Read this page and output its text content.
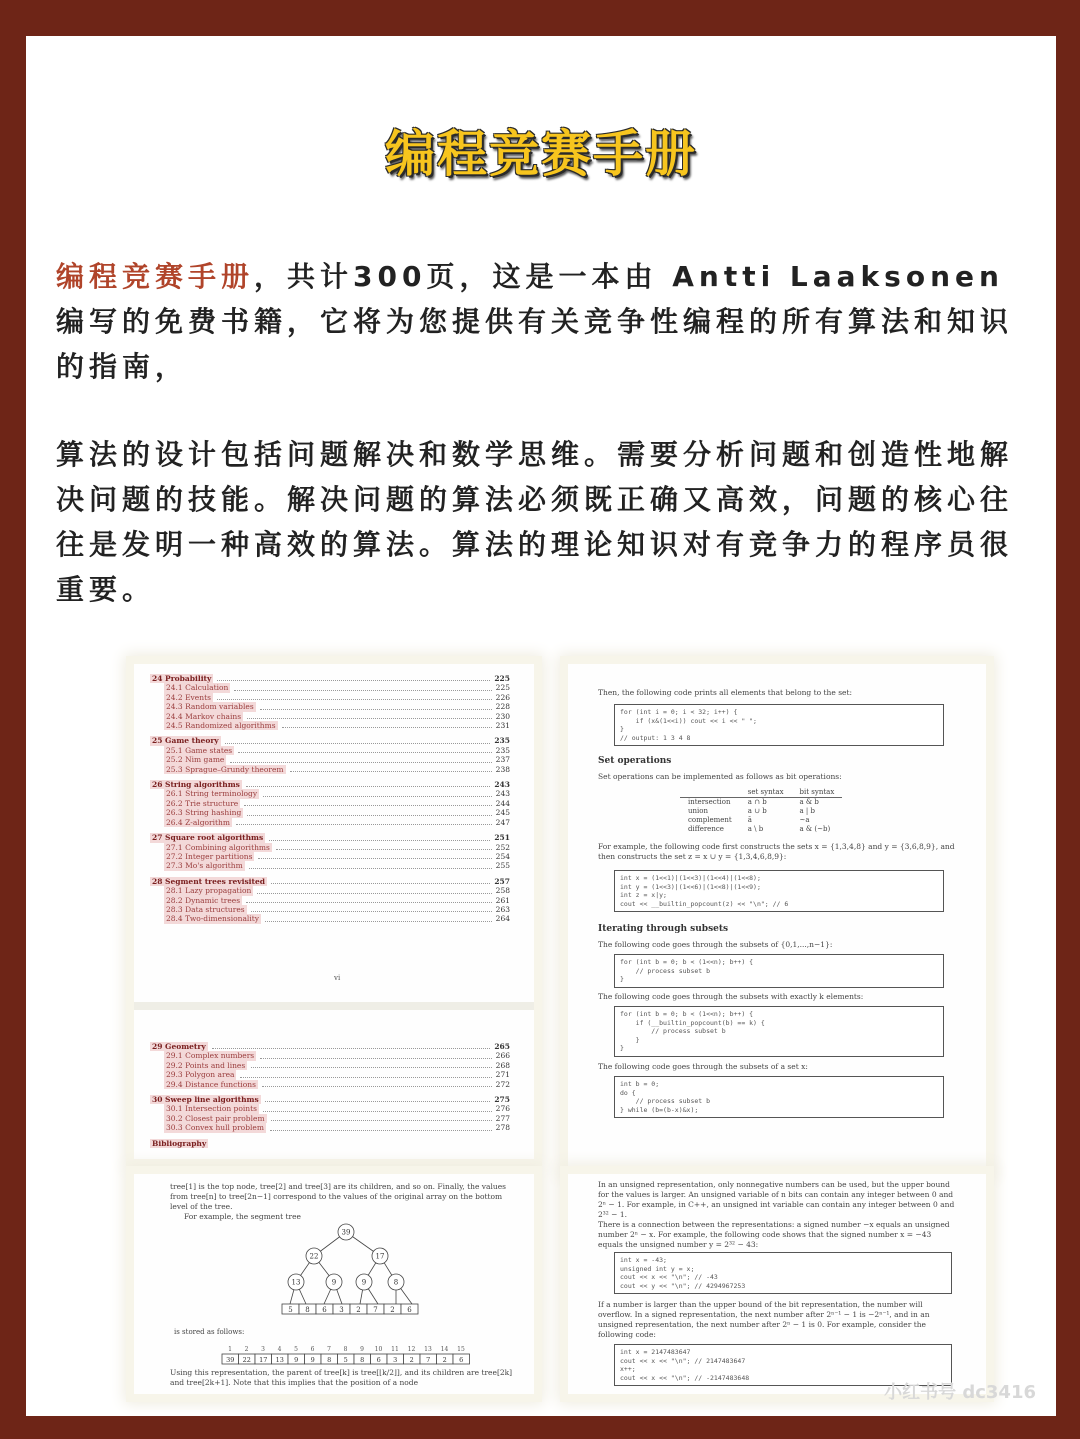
编程竞赛手册
编程竞赛手册，共计300页，这是一本由 Antti Laaksonen 编写的免费书籍，它将为您提供有关竞争性编程的所有算法和知识的指南，
算法的设计包括问题解决和数学思维。需要分析问题和创造性地解决问题的技能。解决问题的算法必须既正确又高效，问题的核心往往是发明一种高效的算法。算法的理论知识对有竞争力的程序员很重要。
24 Probability	225
24.1 Calculation	225
24.2 Events	226
24.3 Random variables	228
24.4 Markov chains	230
24.5 Randomized algorithms	231
25 Game theory	235
25.1 Game states	235
25.2 Nim game	237
25.3 Sprague–Grundy theorem	238
26 String algorithms	243
26.1 String terminology	243
26.2 Trie structure	244
26.3 String hashing	245
26.4 Z-algorithm	247
27 Square root algorithms	251
27.1 Combining algorithms	252
27.2 Integer partitions	254
27.3 Mo's algorithm	255
28 Segment trees revisited	257
28.1 Lazy propagation	258
28.2 Dynamic trees	261
28.3 Data structures	263
28.4 Two-dimensionality	264
vi
29 Geometry	265
29.1 Complex numbers	266
29.2 Points and lines	268
29.3 Polygon area	271
29.4 Distance functions	272
30 Sweep line algorithms	275
30.1 Intersection points	276
30.2 Closest pair problem	277
30.3 Convex hull problem	278
Bibliography
Then, the following code prints all elements that belong to the set:
for (int i = 0; i < 32; i++) {
if (x&(1<<i)) cout << i << " ";
}
// output: 1 3 4 8
Set operations
Set operations can be implemented as follows as bit operations:
	set syntax	bit syntax
intersection	a ∩ b	a & b
union	a ∪ b	a | b
complement	ā	~a
difference	a \ b	a & (~b)
For example, the following code first constructs the sets x = {1,3,4,8} and y = {3,6,8,9}, and then constructs the set z = x ∪ y = {1,3,4,6,8,9}:
int x = (1<<1)|(1<<3)|(1<<4)|(1<<8);
int y = (1<<3)|(1<<6)|(1<<8)|(1<<9);
int z = x|y;
cout << __builtin_popcount(z) << "\n"; // 6
Iterating through subsets
The following code goes through the subsets of {0,1,...,n−1}:
for (int b = 0; b < (1<<n); b++) {
// process subset b
}
The following code goes through the subsets with exactly k elements:
for (int b = 0; b < (1<<n); b++) {
if (__builtin_popcount(b) == k) {
// process subset b
}
}
The following code goes through the subsets of a set x:
int b = 0;
do {
// process subset b
} while (b=(b-x)&x);
tree[1] is the top node, tree[2] and tree[3] are its children, and so on. Finally, the values from tree[n] to tree[2n−1] correspond to the values of the original array on the bottom level of the tree.
For example, the segment tree
39
22	17
13	9	9	8
5 8 6 3 2 7 2 6
is stored as follows:
1 2 3 4 5 6 7 8 9 10 11 12 13 14 15
39 22 17 13 9 9 8 5 8 6 3 2 7 2 6
Using this representation, the parent of tree[k] is tree[⌊k/2⌋], and its children are tree[2k] and tree[2k+1]. Note that this implies that the position of a node
In an unsigned representation, only nonnegative numbers can be used, but the upper bound for the values is larger. An unsigned variable of n bits can contain any integer between 0 and 2ⁿ − 1. For example, in C++, an unsigned int variable can contain any integer between 0 and 2³² − 1.
There is a connection between the representations: a signed number −x equals an unsigned number 2ⁿ − x. For example, the following code shows that the signed number x = −43 equals the unsigned number y = 2³² − 43:
int x = -43;
unsigned int y = x;
cout << x << "\n"; // -43
cout << y << "\n"; // 4294967253
If a number is larger than the upper bound of the bit representation, the number will overflow. In a signed representation, the next number after 2ⁿ⁻¹ − 1 is −2ⁿ⁻¹, and in an unsigned representation, the next number after 2ⁿ − 1 is 0. For example, consider the following code:
int x = 2147483647
cout << x << "\n"; // 2147483647
x++;
cout << x << "\n"; // -2147483648
小红书号 dc3416
